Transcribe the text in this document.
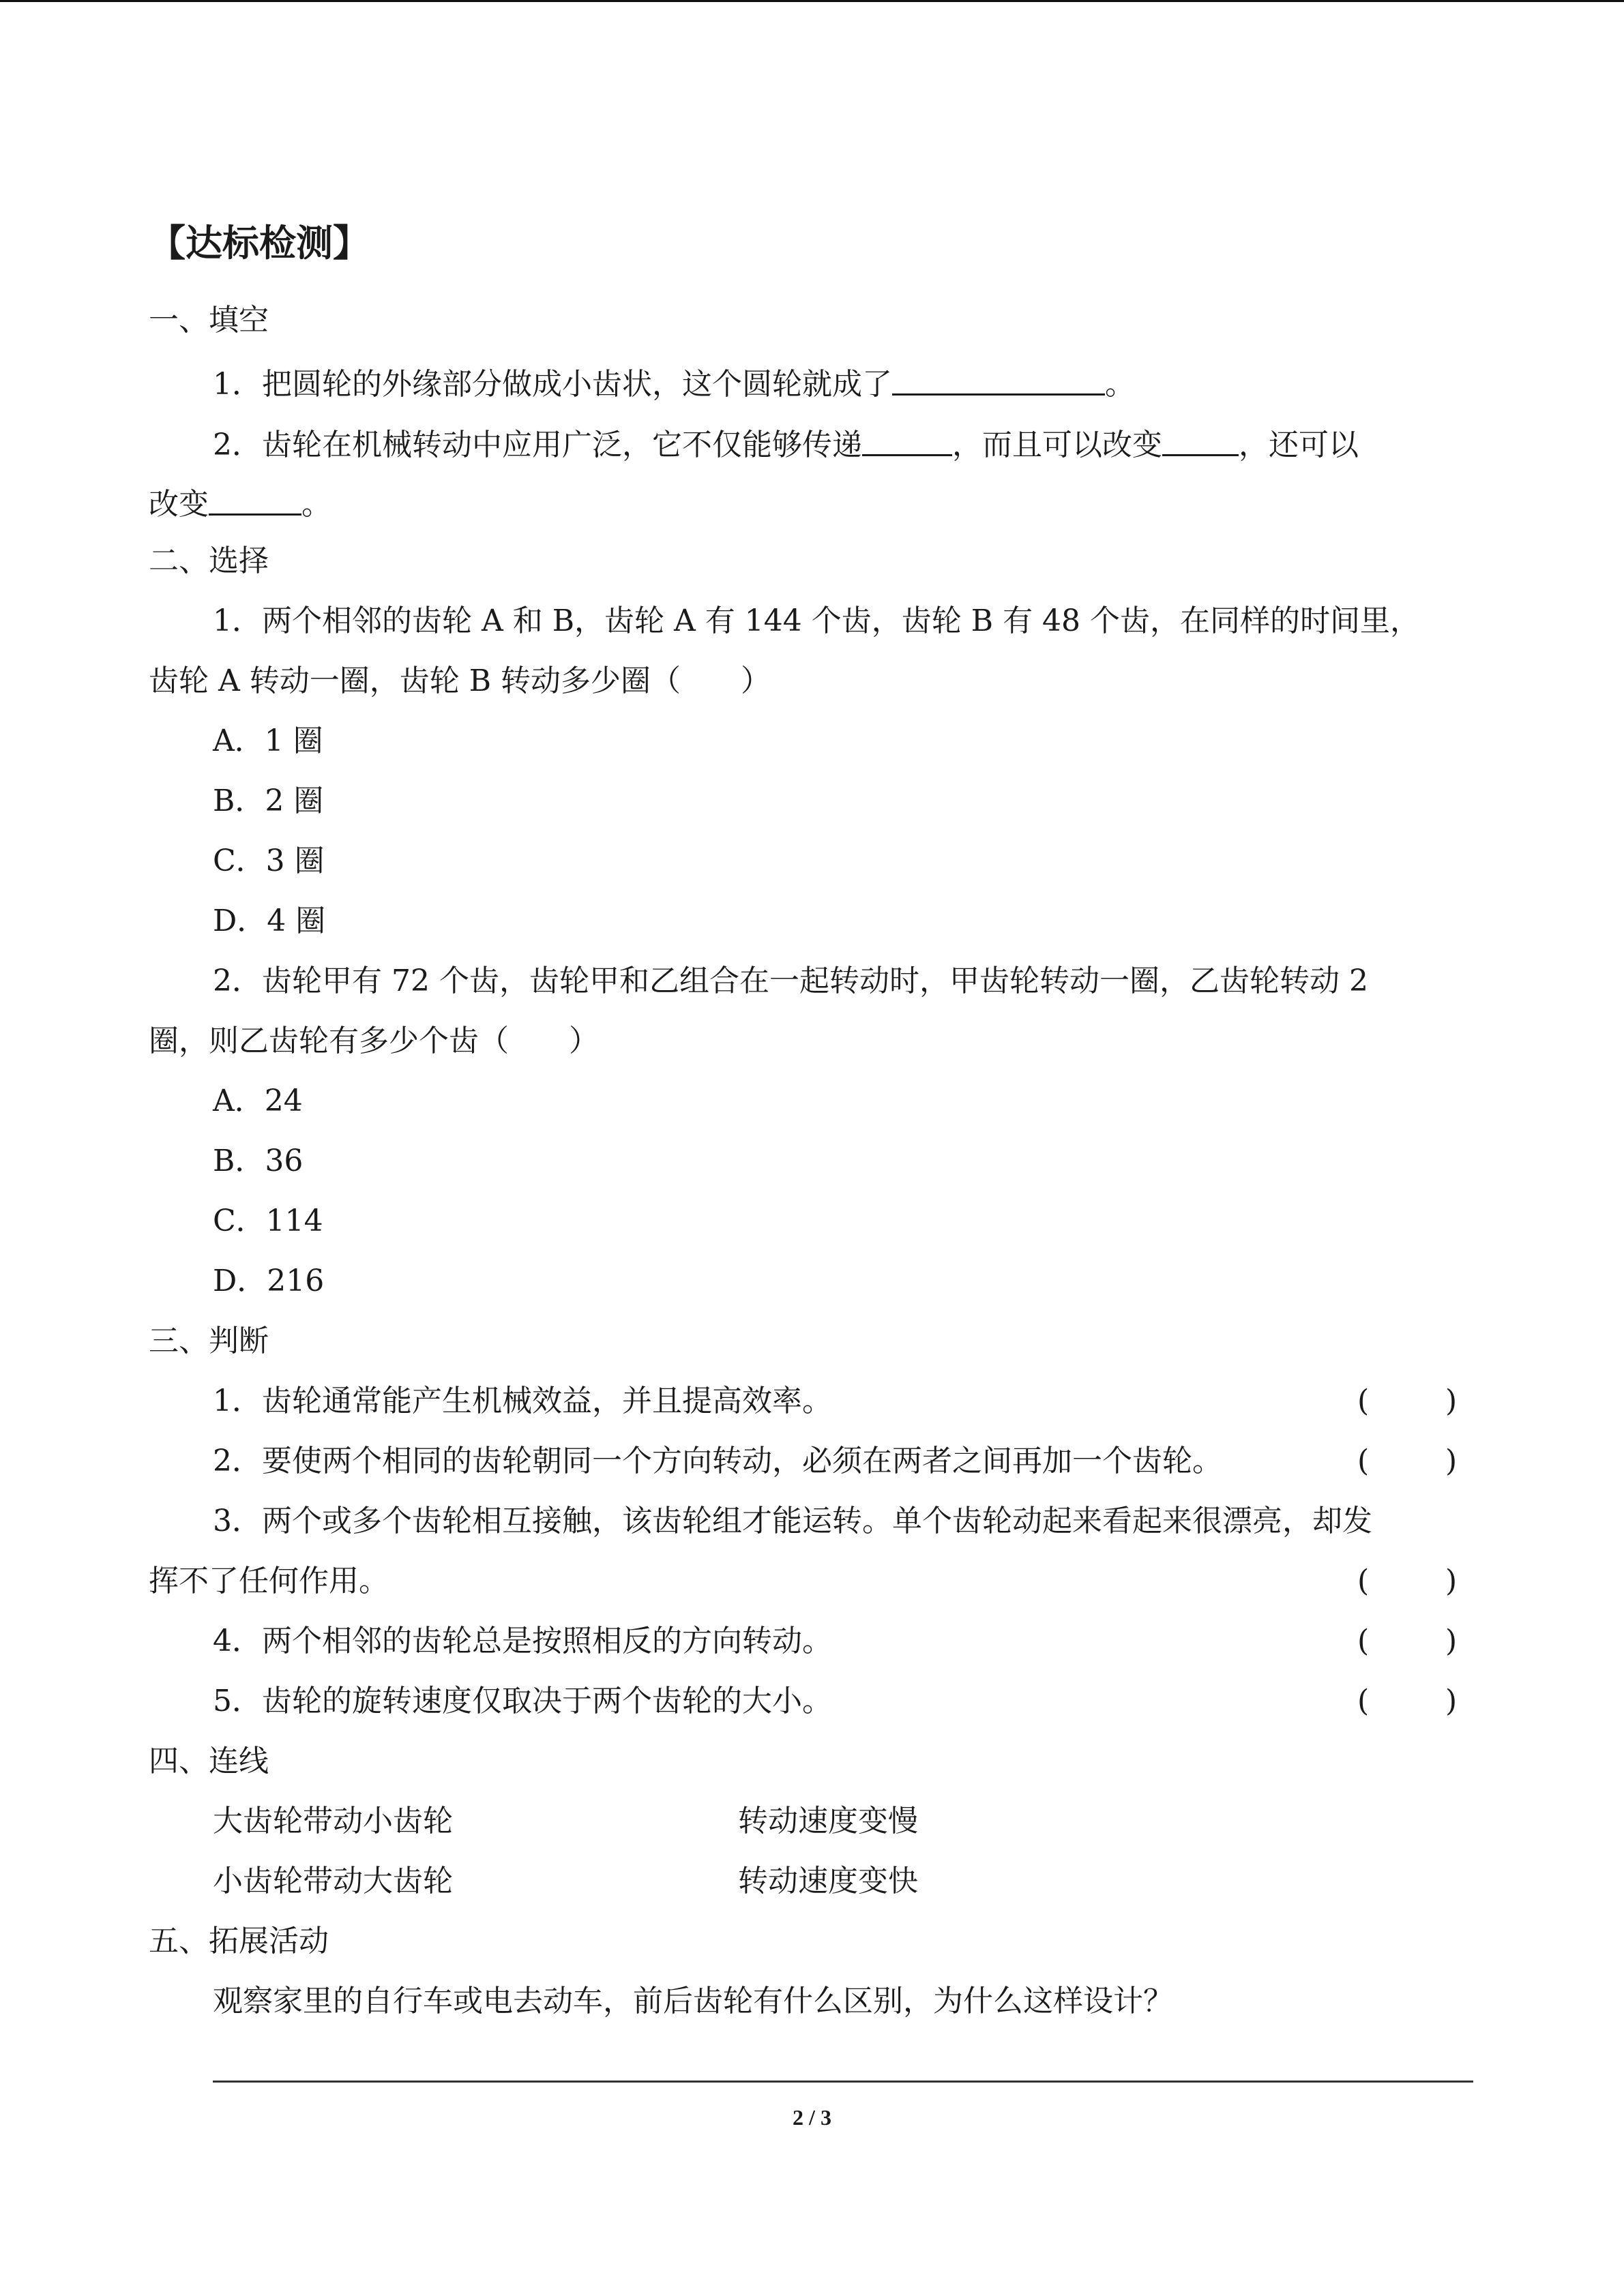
【达标检测】
一、填空
1．把圆轮的外缘部分做成小齿状，这个圆轮就成了	。
2．齿轮在机械转动中应用广泛，它不仅能够传递	，而且可以改变	，还可以
改变	。
二、选择
1．两个相邻的齿轮 A 和 B，齿轮 A 有 144 个齿，齿轮 B 有 48 个齿，在同样的时间里，
齿轮 A 转动一圈，齿轮 B 转动多少圈（　　）
A．1 圈
B．2 圈
C．3 圈
D．4 圈
2．齿轮甲有 72 个齿，齿轮甲和乙组合在一起转动时，甲齿轮转动一圈，乙齿轮转动 2
圈，则乙齿轮有多少个齿（　　）
A．24
B．36
C．114
D．216
三、判断
1．齿轮通常能产生机械效益，并且提高效率。	(        )
2．要使两个相同的齿轮朝同一个方向转动，必须在两者之间再加一个齿轮。	(        )
3．两个或多个齿轮相互接触，该齿轮组才能运转。单个齿轮动起来看起来很漂亮，却发
挥不了任何作用。	(        )
4．两个相邻的齿轮总是按照相反的方向转动。	(        )
5．齿轮的旋转速度仅取决于两个齿轮的大小。	(        )
四、连线
大齿轮带动小齿轮	转动速度变慢
小齿轮带动大齿轮	转动速度变快
五、拓展活动
观察家里的自行车或电去动车，前后齿轮有什么区别，为什么这样设计？
2 / 3
